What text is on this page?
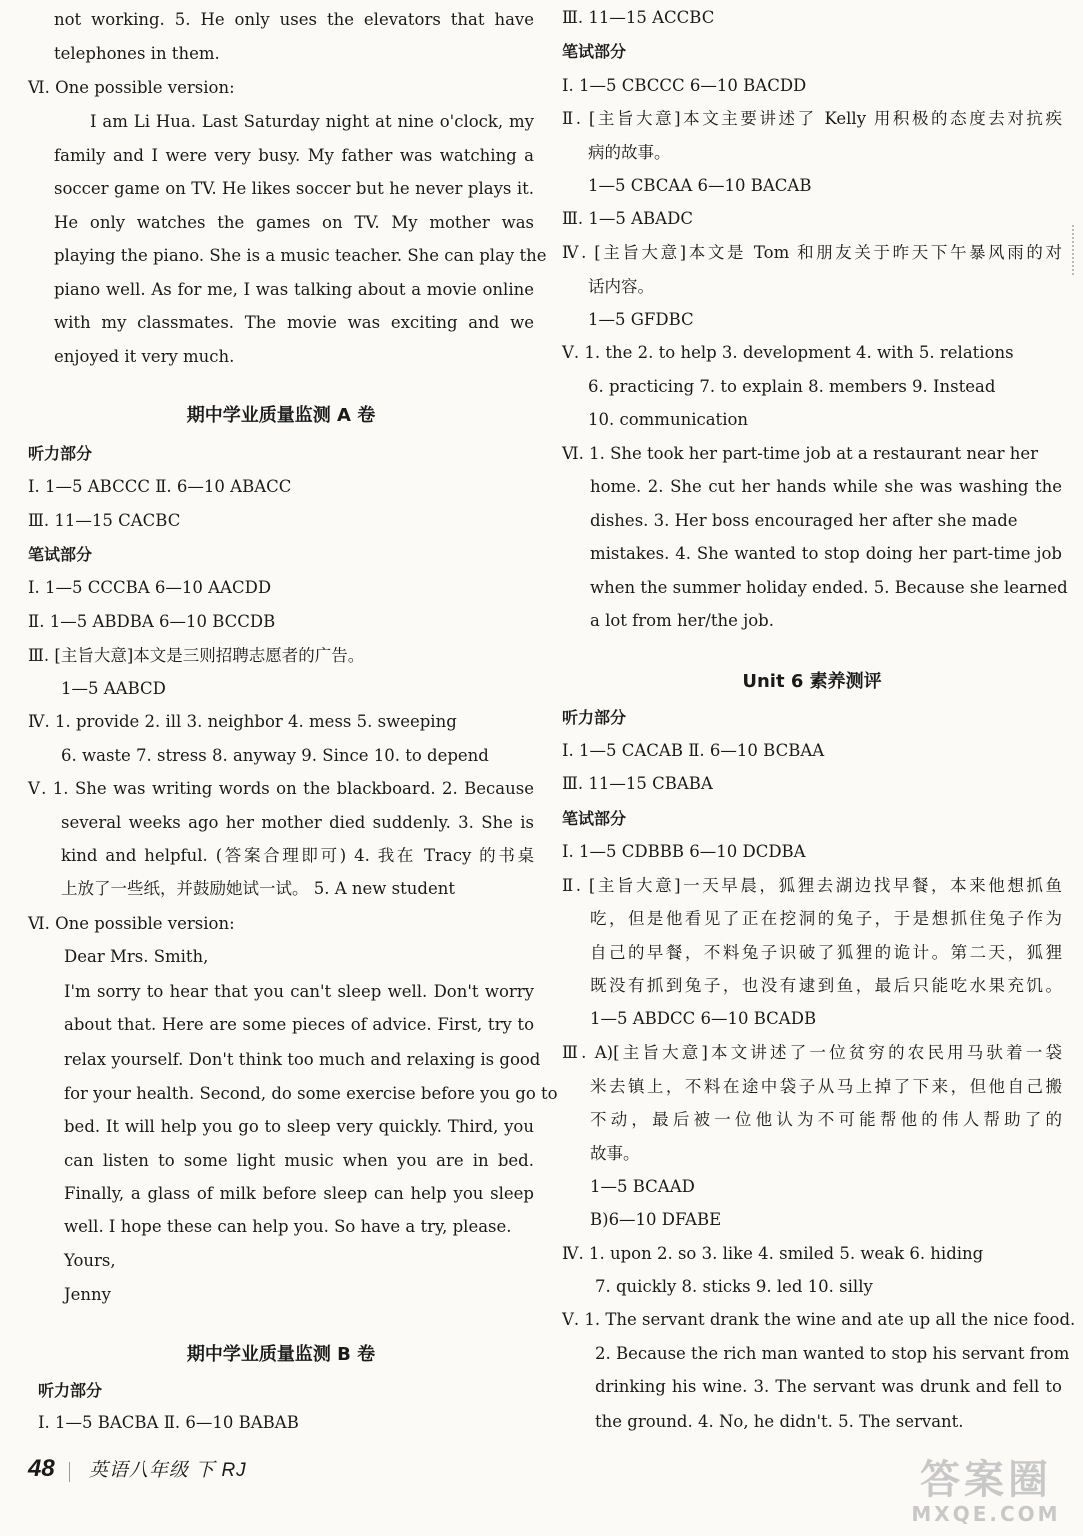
not working. 5. He only uses the elevators that have
telephones in them.
Ⅵ. One possible version:
I am Li Hua. Last Saturday night at nine o'clock, my
family and I were very busy. My father was watching a
soccer game on TV. He likes soccer but he never plays it.
He only watches the games on TV. My mother was
playing the piano. She is a music teacher. She can play the
piano well. As for me, I was talking about a movie online
with my classmates. The movie was exciting and we
enjoyed it very much.
期中学业质量监测 A 卷
听力部分
Ⅰ. 1—5 ABCCC Ⅱ. 6—10 ABACC
Ⅲ. 11—15 CACBC
笔试部分
Ⅰ. 1—5 CCCBA 6—10 AACDD
Ⅱ. 1—5 ABDBA 6—10 BCCDB
Ⅲ. [主旨大意]本文是三则招聘志愿者的广告。
1—5 AABCD
Ⅳ. 1. provide 2. ill 3. neighbor 4. mess 5. sweeping
6. waste 7. stress 8. anyway 9. Since 10. to depend
Ⅴ. 1. She was writing words on the blackboard. 2. Because
several weeks ago her mother died suddenly. 3. She is
kind and helpful. (答案合理即可) 4. 我在 Tracy 的书桌
上放了一些纸，并鼓励她试一试。 5. A new student
Ⅵ. One possible version:
Dear Mrs. Smith,
I'm sorry to hear that you can't sleep well. Don't worry
about that. Here are some pieces of advice. First, try to
relax yourself. Don't think too much and relaxing is good
for your health. Second, do some exercise before you go to
bed. It will help you go to sleep very quickly. Third, you
can listen to some light music when you are in bed.
Finally, a glass of milk before sleep can help you sleep
well. I hope these can help you. So have a try, please.
Yours,
Jenny
期中学业质量监测 B 卷
听力部分
Ⅰ. 1—5 BACBA Ⅱ. 6—10 BABAB
Ⅲ. 11—15 ACCBC
笔试部分
Ⅰ. 1—5 CBCCC 6—10 BACDD
Ⅱ. [主旨大意]本文主要讲述了 Kelly 用积极的态度去对抗疾
病的故事。
1—5 CBCAA 6—10 BACAB
Ⅲ. 1—5 ABADC
Ⅳ. [主旨大意]本文是 Tom 和朋友关于昨天下午暴风雨的对
话内容。
1—5 GFDBC
Ⅴ. 1. the 2. to help 3. development 4. with 5. relations
6. practicing 7. to explain 8. members 9. Instead
10. communication
Ⅵ. 1. She took her part-time job at a restaurant near her
home. 2. She cut her hands while she was washing the
dishes. 3. Her boss encouraged her after she made
mistakes. 4. She wanted to stop doing her part-time job
when the summer holiday ended. 5. Because she learned
a lot from her/the job.
Unit 6 素养测评
听力部分
Ⅰ. 1—5 CACAB Ⅱ. 6—10 BCBAA
Ⅲ. 11—15 CBABA
笔试部分
Ⅰ. 1—5 CDBBB 6—10 DCDBA
Ⅱ. [主旨大意]一天早晨，狐狸去湖边找早餐，本来他想抓鱼
吃，但是他看见了正在挖洞的兔子，于是想抓住兔子作为
自己的早餐，不料兔子识破了狐狸的诡计。第二天，狐狸
既没有抓到兔子，也没有逮到鱼，最后只能吃水果充饥。
1—5 ABDCC 6—10 BCADB
Ⅲ. A)[主旨大意]本文讲述了一位贫穷的农民用马驮着一袋
米去镇上，不料在途中袋子从马上掉了下来，但他自己搬
不动，最后被一位他认为不可能帮他的伟人帮助了的
故事。
1—5 BCAAD
B)6—10 DFABE
Ⅳ. 1. upon 2. so 3. like 4. smiled 5. weak 6. hiding
7. quickly 8. sticks 9. led 10. silly
Ⅴ. 1. The servant drank the wine and ate up all the nice food.
2. Because the rich man wanted to stop his servant from
drinking his wine. 3. The servant was drunk and fell to
the ground. 4. No, he didn't. 5. The servant.
48 英语八年级 下 RJ	答案圈
MXQE.COM
